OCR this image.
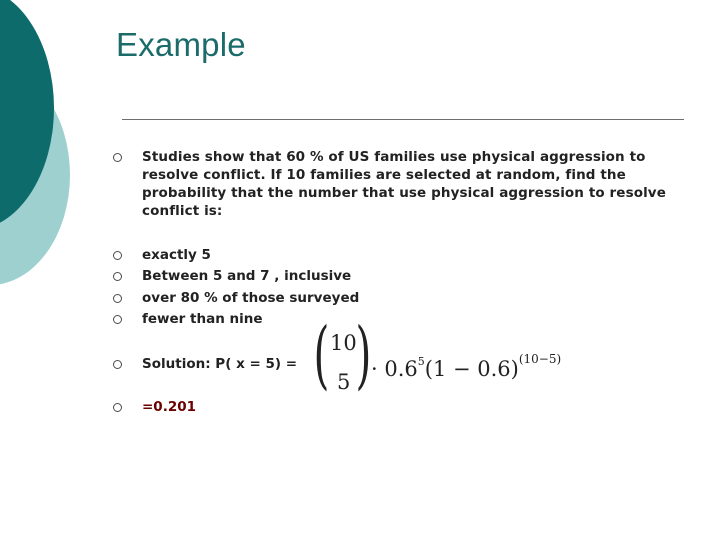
Example
Studies show that 60 % of US families use physical aggression to resolve conflict. If 10 families are selected at random, find the probability that the number that use physical aggression to resolve conflict is:
exactly 5
Between 5 and 7 , inclusive
over 80 % of those surveyed
fewer than nine
Solution: P( x = 5) = ( 10
5 ) · $0.6^5(1 - 0.6)^{(10-5)}$
=0.201
